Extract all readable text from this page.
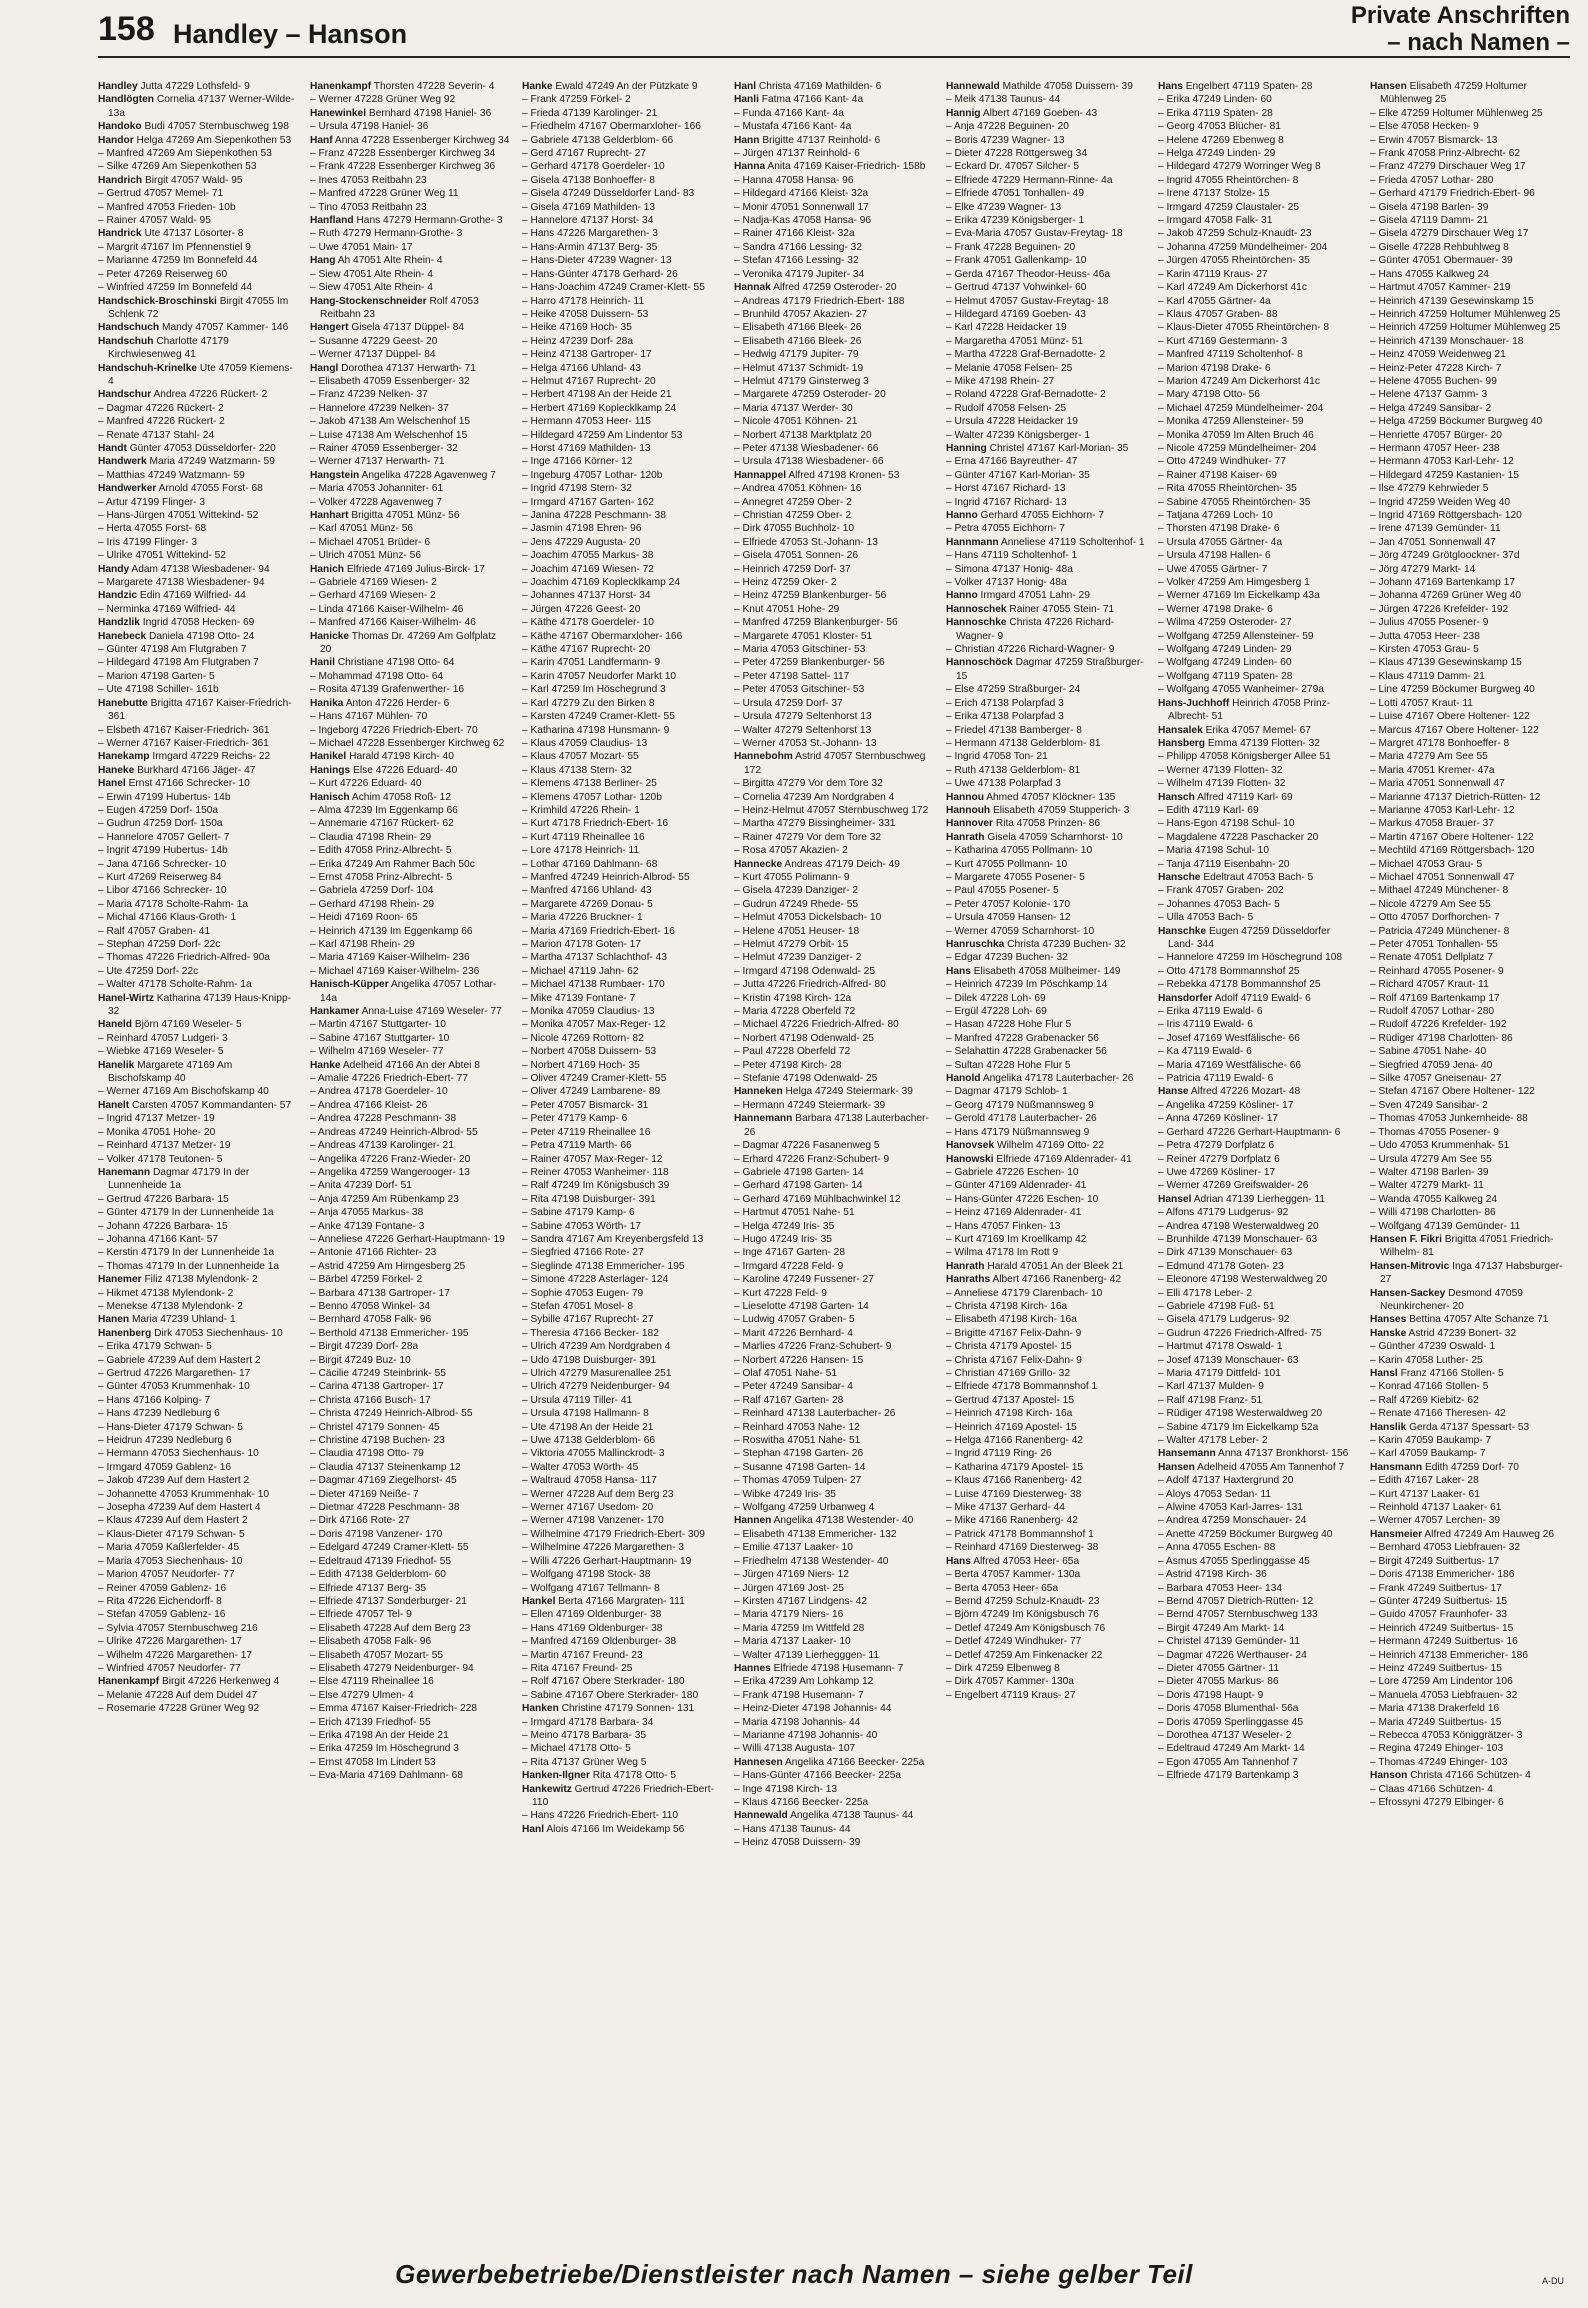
158 Handley – Hanson
Private Anschriften
– nach Namen –

Handley Jutta 47229 Lothsfeld- 9

Handlögten Cornelia 47137 Werner-Wilde- 13a

Handoko Budi 47057 Sternbuschweg 198

Handor Helga 47269 Am Siepenkothen 53

– Manfred 47269 Am Siepenkothen 53

– Silke 47269 Am Siepenkothen 53

Handrich Birgit 47057 Wald- 95

– Gertrud 47057 Memel- 71

– Manfred 47053 Frieden- 10b

– Rainer 47057 Wald- 95

Handrick Ute 47137 Lösorter- 8

– Margrit 47167 Im Pfennenstiel 9

– Marianne 47259 Im Bonnefeld 44

– Peter 47269 Reiserweg 60

– Winfried 47259 Im Bonnefeld 44

Handschick-Broschinski Birgit 47055 Im Schlenk 72

Handschuch Mandy 47057 Kammer- 146

Handschuh Charlotte 47179 Kirchwiesenweg 41

Handschuh-Krinelke Ute 47059 Kiemens- 4

Handschur Andrea 47226 Rückert- 2

– Dagmar 47226 Rückert- 2

– Manfred 47226 Rückert- 2

– Renate 47137 Stahl- 24

Handt Günter 47053 Düsseldorfer- 220

Handwerk Maria 47249 Watzmann- 59

– Matthias 47249 Watzmann- 59

Handwerker Arnold 47055 Forst- 68

– Artur 47199 Flinger- 3

– Hans-Jürgen 47051 Wittekind- 52

– Herta 47055 Forst- 68

– Iris 47199 Flinger- 3

– Ulrike 47051 Wittekind- 52

Handy Adam 47138 Wiesbadener- 94

– Margarete 47138 Wiesbadener- 94

Handzic Edin 47169 Wilfried- 44

– Nerminka 47169 Wilfried- 44

Handzlik Ingrid 47058 Hecken- 69

Hanebeck Daniela 47198 Otto- 24

– Günter 47198 Am Flutgraben 7

– Hildegard 47198 Am Flutgraben 7

– Marion 47198 Garten- 5

– Ute 47198 Schiller- 161b

Hanebutte Brigitta 47167 Kaiser-Friedrich- 361

– Elsbeth 47167 Kaiser-Friedrich- 361

– Werner 47167 Kaiser-Friedrich- 361

Hanekamp Irmgard 47229 Reichs- 22

Haneke Burkhard 47166 Jäger- 47

Hanel Ernst 47166 Schrecker- 10

– Erwin 47199 Hubertus- 14b

– Eugen 47259 Dorf- 150a

– Gudrun 47259 Dorf- 150a

– Hannelore 47057 Gellert- 7

– Ingrit 47199 Hubertus- 14b

– Jana 47166 Schrecker- 10

– Kurt 47269 Reiserweg 84

– Libor 47166 Schrecker- 10

– Maria 47178 Scholte-Rahm- 1a

– Michal 47166 Klaus-Groth- 1

– Ralf 47057 Graben- 41

– Stephan 47259 Dorf- 22c

– Thomas 47226 Friedrich-Alfred- 90a

– Ute 47259 Dorf- 22c

– Walter 47178 Scholte-Rahm- 1a

Hanel-Wirtz Katharina 47139 Haus-Knipp- 32

Haneld Björn 47169 Weseler- 5

– Reinhard 47057 Ludgeri- 3

– Wiebke 47169 Weseler- 5

Hanelik Margarete 47169 Am Bischofskamp 40

– Werner 47169 Am Bischofskamp 40

Hanelt Carsten 47057 Kommandanten- 57

– Ingrid 47137 Metzer- 19

– Monika 47051 Hohe- 20

– Reinhard 47137 Metzer- 19

– Volker 47178 Teutonen- 5

Hanemann Dagmar 47179 In der Lunnenheide 1a

– Gertrud 47226 Barbara- 15

– Günter 47179 In der Lunnenheide 1a

– Johann 47226 Barbara- 15

– Johanna 47166 Kant- 57

– Kerstin 47179 In der Lunnenheide 1a

– Thomas 47179 In der Lunnenheide 1a

Hanemer Filiz 47138 Mylendonk- 2

– Hikmet 47138 Mylendonk- 2

– Menekse 47138 Mylendonk- 2

Hanen Maria 47239 Uhland- 1

Hanenberg Dirk 47053 Siechenhaus- 10

– Erika 47179 Schwan- 5

– Gabriele 47239 Auf dem Hastert 2

– Gertrud 47226 Margarethen- 17

– Günter 47053 Krummenhak- 10

– Hans 47166 Kolping- 7

– Hans 47239 Nedleburg 6

– Hans-Dieter 47179 Schwan- 5

– Heidrun 47239 Nedleburg 6

– Hermann 47053 Siechenhaus- 10

– Irmgard 47059 Gablenz- 16

– Jakob 47239 Auf dem Hastert 2

– Johannette 47053 Krummenhak- 10

– Josepha 47239 Auf dem Hastert 4

– Klaus 47239 Auf dem Hastert 2

– Klaus-Dieter 47179 Schwan- 5

– Maria 47059 Kaßlerfelder- 45

– Maria 47053 Siechenhaus- 10

– Marion 47057 Neudorfer- 77

– Reiner 47059 Gablenz- 16

– Rita 47226 Eichendorff- 8

– Stefan 47059 Gablenz- 16

– Sylvia 47057 Sternbuschweg 216

– Ulrike 47226 Margarethen- 17

– Wilhelm 47226 Margarethen- 17

– Winfried 47057 Neudorfer- 77

Hanenkampf Birgit 47226 Herkenweg 4

– Melanie 47228 Auf dem Dudel 47

– Rosemarie 47228 Grüner Weg 92

Hanenkampf Thorsten 47228 Severin- 4

– Werner 47228 Grüner Weg 92

Hanewinkel Bernhard 47198 Haniel- 36

– Ursula 47198 Haniel- 36

Hanf Anna 47228 Essenberger Kirchweg 34

– Franz 47228 Essenberger Kirchweg 34

– Frank 47228 Essenberger Kirchweg 36

– Ines 47053 Reitbahn 23

– Manfred 47228 Grüner Weg 11

– Tino 47053 Reitbahn 23

Hanfland Hans 47279 Hermann-Grothe- 3

– Ruth 47279 Hermann-Grothe- 3

– Uwe 47051 Main- 17

Hang Ah 47051 Alte Rhein- 4

– Siew 47051 Alte Rhein- 4

– Siew 47051 Alte Rhein- 4

Hang-Stockenschneider Rolf 47053 Reitbahn 23

Hangert Gisela 47137 Düppel- 84

– Susanne 47229 Geest- 20

– Werner 47137 Düppel- 84

Hangl Dorothea 47137 Herwarth- 71

– Elisabeth 47059 Essenberger- 32

– Franz 47239 Nelken- 37

– Hannelore 47239 Nelken- 37

– Jakob 47138 Am Welschenhof 15

– Luise 47138 Am Welschenhof 15

– Rainer 47059 Essenberger- 32

– Werner 47137 Herwarth- 71

Hangstein Angelika 47228 Agavenweg 7

– Maria 47053 Johanniter- 61

– Volker 47228 Agavenweg 7

Hanhart Brigitta 47051 Münz- 56

– Karl 47051 Münz- 56

– Michael 47051 Brüder- 6

– Ulrich 47051 Münz- 56

Hanich Elfriede 47169 Julius-Birck- 17

– Gabriele 47169 Wiesen- 2

– Gerhard 47169 Wiesen- 2

– Linda 47166 Kaiser-Wilhelm- 46

– Manfred 47166 Kaiser-Wilhelm- 46

Hanicke Thomas Dr. 47269 Am Golfplatz 20

Hanil Christiane 47198 Otto- 64

– Mohammad 47198 Otto- 64

– Rosita 47139 Grafenwerther- 16

Hanika Anton 47226 Herder- 6

– Hans 47167 Mühlen- 70

– Ingeborg 47226 Friedrich-Ebert- 70

– Michael 47228 Essenberger Kirchweg 62

Hanikel Harald 47198 Kirch- 40

Hanings Else 47226 Eduard- 40

– Kurt 47226 Eduard- 40

Hanisch Achim 47058 Roß- 12

– Alma 47239 Im Eggenkamp 66

– Annemarie 47167 Rückert- 62

– Claudia 47198 Rhein- 29

– Edith 47058 Prinz-Albrecht- 5

– Erika 47249 Am Rahmer Bach 50c

– Ernst 47058 Prinz-Albrecht- 5

– Gabriela 47259 Dorf- 104

– Gerhard 47198 Rhein- 29

– Heidi 47169 Roon- 65

– Heinrich 47139 Im Eggenkamp 66

– Karl 47198 Rhein- 29

– Maria 47169 Kaiser-Wilhelm- 236

– Michael 47169 Kaiser-Wilhelm- 236

Hanisch-Küpper Angelika 47057 Lothar- 14a

Hankamer Anna-Luise 47169 Weseler- 77

– Martin 47167 Stuttgarter- 10

– Sabine 47167 Stuttgarter- 10

– Wilhelm 47169 Weseler- 77

Hanke Adelheid 47166 An der Abtei 8

– Amalie 47226 Friedrich-Ebert- 77

– Andrea 47178 Goerdeler- 10

– Andrea 47166 Kleist- 26

– Andrea 47228 Peschmann- 38

– Andreas 47249 Heinrich-Albrod- 55

– Andreas 47139 Karolinger- 21

– Angelika 47226 Franz-Wieder- 20

– Angelika 47259 Wangerooger- 13

– Anita 47239 Dorf- 51

– Anja 47259 Am Rübenkamp 23

– Anja 47055 Markus- 38

– Anke 47139 Fontane- 3

– Anneliese 47226 Gerhart-Hauptmann- 19

– Antonie 47166 Richter- 23

– Astrid 47259 Am Hirngesberg 25

– Bärbel 47259 Förkel- 2

– Barbara 47138 Gartroper- 17

– Benno 47058 Winkel- 34

– Bernhard 47058 Falk- 96

– Berthold 47138 Emmericher- 195

– Birgit 47239 Dorf- 28a

– Birgit 47249 Buz- 10

– Cäcilie 47249 Steinbrink- 55

– Carina 47138 Gartroper- 17

– Christa 47166 Busch- 17

– Christa 47249 Heinrich-Albrod- 55

– Christel 47179 Sonnen- 45

– Christine 47198 Buchen- 23

– Claudia 47198 Otto- 79

– Claudia 47137 Steinenkamp 12

– Dagmar 47169 Ziegelhorst- 45

– Dieter 47169 Neiße- 7

– Dietmar 47228 Peschmann- 38

– Dirk 47166 Rote- 27

– Doris 47198 Vanzener- 170

– Edelgard 47249 Cramer-Klett- 55

– Edeltraud 47139 Friedhof- 55

– Edith 47138 Gelderblom- 60

– Elfriede 47137 Berg- 35

– Elfriede 47137 Sonderburger- 21

– Elfriede 47057 Tel- 9

– Elisabeth 47228 Auf dem Berg 23

– Elisabeth 47058 Falk- 96

– Elisabeth 47057 Mozart- 55

– Elisabeth 47279 Neidenburger- 94

– Else 47119 Rheinallee 16

– Else 47279 Ulmen- 4

– Emma 47167 Kaiser-Friedrich- 228

– Erich 47139 Friedhof- 55

– Erika 47198 An der Heide 21

– Erika 47259 Im Höschegrund 3

– Ernst 47058 Im Lindert 53

– Eva-Maria 47169 Dahlmann- 68

Hanke Ewald 47249 An der Pützkate 9

– Frank 47259 Förkel- 2

– Frieda 47139 Karolinger- 21

– Friedhelm 47167 Obermarxloher- 166

– Gabriele 47138 Gelderblom- 66

– Gerd 47167 Ruprecht- 27

– Gerhard 47178 Goerdeler- 10

– Gisela 47138 Bonhoeffer- 8

– Gisela 47249 Düsseldorfer Land- 83

– Gisela 47169 Mathilden- 13

– Hannelore 47137 Horst- 34

– Hans 47226 Margarethen- 3

– Hans-Armin 47137 Berg- 35

– Hans-Dieter 47239 Wagner- 13

– Hans-Günter 47178 Gerhard- 26

– Hans-Joachim 47249 Cramer-Klett- 55

– Harro 47178 Heinrich- 11

– Heike 47058 Duissern- 53

– Heike 47169 Hoch- 35

– Heinz 47239 Dorf- 28a

– Heinz 47138 Gartroper- 17

– Helga 47166 Uhland- 43

– Helmut 47167 Ruprecht- 20

– Herbert 47198 An der Heide 21

– Herbert 47169 Koplecklkamp 24

– Hermann 47053 Heer- 115

– Hildegard 47259 Am Lindentor 53

– Horst 47169 Mathilden- 13

– Inge 47166 Körner- 12

– Ingeburg 47057 Lothar- 120b

– Ingrid 47198 Stern- 32

– Irmgard 47167 Garten- 162

– Janina 47228 Peschmann- 38

– Jasmin 47198 Ehren- 96

– Jens 47229 Augusta- 20

– Joachim 47055 Markus- 38

– Joachim 47169 Wiesen- 72

– Joachim 47169 Koplecklkamp 24

– Johannes 47137 Horst- 34

– Jürgen 47226 Geest- 20

– Käthe 47178 Goerdeler- 10

– Käthe 47167 Obermarxloher- 166

– Käthe 47167 Ruprecht- 20

– Karin 47051 Landfermann- 9

– Karin 47057 Neudorfer Markt 10

– Karl 47259 Im Höschegrund 3

– Karl 47279 Zu den Birken 8

– Karsten 47249 Cramer-Klett- 55

– Katharina 47198 Hunsmann- 9

– Klaus 47059 Claudius- 13

– Klaus 47057 Mozart- 55

– Klaus 47138 Stern- 32

– Klemens 47138 Berliner- 25

– Klemens 47057 Lothar- 120b

– Krimhild 47226 Rhein- 1

– Kurt 47178 Friedrich-Ebert- 16

– Kurt 47119 Rheinallee 16

– Lore 47178 Heinrich- 11

– Lothar 47169 Dahlmann- 68

– Manfred 47249 Heinrich-Albrod- 55

– Manfred 47166 Uhland- 43

– Margarete 47269 Donau- 5

– Maria 47226 Bruckner- 1

– Maria 47169 Friedrich-Ebert- 16

– Marion 47178 Goten- 17

– Martha 47137 Schlachthof- 43

– Michael 47119 Jahn- 62

– Michael 47138 Rumbaer- 170

– Mike 47139 Fontane- 7

– Monika 47059 Claudius- 13

– Monika 47057 Max-Reger- 12

– Nicole 47269 Rottorn- 82

– Norbert 47058 Duissern- 53

– Norbert 47169 Hoch- 35

– Oliver 47249 Cramer-Klett- 55

– Oliver 47249 Lambarene- 89

– Peter 47057 Bismarck- 31

– Peter 47179 Kamp- 6

– Peter 47119 Rheinallee 16

– Petra 47119 Marth- 66

– Rainer 47057 Max-Reger- 12

– Reiner 47053 Wanheimer- 118

– Ralf 47249 Im Königsbusch 39

– Rita 47198 Duisburger- 391

– Sabine 47179 Kamp- 6

– Sabine 47053 Wörth- 17

– Sandra 47167 Am Kreyenbergsfeld 13

– Siegfried 47166 Rote- 27

– Sieglinde 47138 Emmericher- 195

– Simone 47228 Asterlager- 124

– Sophie 47053 Eugen- 79

– Stefan 47051 Mosel- 8

– Sybille 47167 Ruprecht- 27

– Theresia 47166 Becker- 182

– Ulrich 47239 Am Nordgraben 4

– Udo 47198 Duisburger- 391

– Ulrich 47279 Masurenallee 251

– Ulrich 47279 Neidenburger- 94

– Ursula 47119 Tiller- 41

– Ursula 47198 Hallmann- 8

– Ute 47198 An der Heide 21

– Uwe 47138 Gelderblom- 66

– Viktoria 47055 Mallinckrodt- 3

– Walter 47053 Wörth- 45

– Waltraud 47058 Hansa- 117

– Werner 47228 Auf dem Berg 23

– Werner 47167 Usedom- 20

– Werner 47198 Vanzener- 170

– Wilhelmine 47179 Friedrich-Ebert- 309

– Wilhelmine 47226 Margarethen- 3

– Willi 47226 Gerhart-Hauptmann- 19

– Wolfgang 47198 Stock- 38

– Wolfgang 47167 Tellmann- 8

Hankel Berta 47166 Margraten- 111

– Ellen 47169 Oldenburger- 38

– Hans 47169 Oldenburger- 38

– Manfred 47169 Oldenburger- 38

– Martin 47167 Freund- 23

– Rita 47167 Freund- 25

– Rolf 47167 Obere Sterkrader- 180

– Sabine 47167 Obere Sterkrader- 180

Hanken Christine 47179 Sonnen- 131

– Irmgard 47178 Barbara- 34

– Meino 47178 Barbara- 35

– Michael 47178 Otto- 5

– Rita 47137 Grüner Weg 5

Hanken-Ilgner Rita 47178 Otto- 5

Hankewitz Gertrud 47226 Friedrich-Ebert- 110

– Hans 47226 Friedrich-Ebert- 110

Hanl Alois 47166 Im Weidekamp 56

Hanl Christa 47169 Mathilden- 6

Hanli Fatma 47166 Kant- 4a

– Funda 47166 Kant- 4a

– Mustafa 47166 Kant- 4a

Hann Brigitte 47137 Reinhold- 6

– Jürgen 47137 Reinhold- 6

Hanna Anita 47169 Kaiser-Friedrich- 158b

– Hanna 47058 Hansa- 96

– Hildegard 47166 Kleist- 32a

– Monir 47051 Sonnenwall 17

– Nadja-Kas 47058 Hansa- 96

– Rainer 47166 Kleist- 32a

– Sandra 47166 Lessing- 32

– Stefan 47166 Lessing- 32

– Veronika 47179 Jupiter- 34

Hannak Alfred 47259 Osteroder- 20

– Andreas 47179 Friedrich-Ebert- 188

– Brunhild 47057 Akazien- 27

– Elisabeth 47166 Bleek- 26

– Elisabeth 47166 Bleek- 26

– Hedwig 47179 Jupiter- 79

– Helmut 47137 Schmidt- 19

– Helmut 47179 Ginsterweg 3

– Margarete 47259 Osteroder- 20

– Maria 47137 Werder- 30

– Nicole 47051 Köhnen- 21

– Norbert 47138 Marktplatz 20

– Peter 47138 Wiesbadener- 66

– Ursula 47138 Wiesbadener- 66

Hannappel Alfred 47198 Kronen- 53

– Andrea 47051 Köhnen- 16

– Annegret 47259 Ober- 2

– Christian 47259 Ober- 2

– Dirk 47055 Buchholz- 10

– Elfriede 47053 St.-Johann- 13

– Gisela 47051 Sonnen- 26

– Heinrich 47259 Dorf- 37

– Heinz 47259 Oker- 2

– Heinz 47259 Blankenburger- 56

– Knut 47051 Hohe- 29

– Manfred 47259 Blankenburger- 56

– Margarete 47051 Kloster- 51

– Maria 47053 Gitschiner- 53

– Peter 47259 Blankenburger- 56

– Peter 47198 Sattel- 117

– Peter 47053 Gitschiner- 53

– Ursula 47259 Dorf- 37

– Ursula 47279 Seltenhorst 13

– Walter 47279 Seltenhorst 13

– Werner 47053 St.-Johann- 13

Hannebohm Astrid 47057 Sternbuschweg 172

– Birgitta 47279 Vor dem Tore 32

– Cornelia 47239 Am Nordgraben 4

– Heinz-Helmut 47057 Sternbuschweg 172

– Martha 47279 Bissingheimer- 331

– Rainer 47279 Vor dem Tore 32

– Rosa 47057 Akazien- 2

Hannecke Andreas 47179 Deich- 49

– Kurt 47055 Polimann- 9

– Gisela 47239 Danziger- 2

– Gudrun 47249 Rhede- 55

– Helmut 47053 Dickelsbach- 10

– Helene 47051 Heuser- 18

– Helmut 47279 Orbit- 15

– Helmut 47239 Danziger- 2

– Irmgard 47198 Odenwald- 25

– Jutta 47226 Friedrich-Alfred- 80

– Kristin 47198 Kirch- 12a

– Maria 47228 Oberfeld 72

– Michael 47226 Friedrich-Alfred- 80

– Norbert 47198 Odenwald- 25

– Paul 47228 Oberfeld 72

– Peter 47198 Kirch- 28

– Stefanie 47198 Odenwald- 25

Hanneken Helga 47249 Steiermark- 39

– Hermann 47249 Steiermark- 39

Hannemann Barbara 47138 Lauterbacher- 26

– Dagmar 47226 Fasanenweg 5

– Erhard 47226 Franz-Schubert- 9

– Gabriele 47198 Garten- 14

– Gerhard 47198 Garten- 14

– Gerhard 47169 Mühlbachwinkel 12

– Hartmut 47051 Nahe- 51

– Helga 47249 Iris- 35

– Hugo 47249 Iris- 35

– Inge 47167 Garten- 28

– Irmgard 47228 Feld- 9

– Karoline 47249 Fussener- 27

– Kurt 47228 Feld- 9

– Lieselotte 47198 Garten- 14

– Ludwig 47057 Graben- 5

– Marit 47226 Bernhard- 4

– Marlies 47226 Franz-Schubert- 9

– Norbert 47226 Hansen- 15

– Olaf 47051 Nahe- 51

– Peter 47249 Sansibar- 4

– Ralf 47167 Garten- 28

– Reinhard 47138 Lauterbacher- 26

– Reinhard 47053 Nahe- 12

– Roswitha 47051 Nahe- 51

– Stephan 47198 Garten- 26

– Susanne 47198 Garten- 14

– Thomas 47059 Tulpen- 27

– Wibke 47249 Iris- 35

– Wolfgang 47259 Urbanweg 4

Hannen Angelika 47138 Westender- 40

– Elisabeth 47138 Emmericher- 132

– Emilie 47137 Laaker- 10

– Friedhelm 47138 Westender- 40

– Jürgen 47169 Niers- 12

– Jürgen 47169 Jost- 25

– Kirsten 47167 Lindgens- 42

– Maria 47179 Niers- 16

– Maria 47259 Im Wittfeld 28

– Maria 47137 Laaker- 10

– Walter 47139 Lierhegggen- 11

Hannes Elfriede 47198 Husemann- 7

– Erika 47239 Am Lohkamp 12

– Frank 47198 Husemann- 7

– Heinz-Dieter 47198 Johannis- 44

– Maria 47198 Johannis- 44

– Marianne 47198 Johannis- 40

– Willi 47138 Augusta- 107

Hannesen Angelika 47166 Beecker- 225a

– Hans-Günter 47166 Beecker- 225a

– Inge 47198 Kirch- 13

– Klaus 47166 Beecker- 225a

Hannewald Angelika 47138 Taunus- 44

– Hans 47138 Taunus- 44

– Heinz 47058 Duissern- 39

Hannewald Mathilde 47058 Duissern- 39

– Meik 47138 Taunus- 44

Hannig Albert 47169 Goeben- 43

– Anja 47228 Beguinen- 20

– Boris 47239 Wagner- 13

– Dieter 47228 Röttgersweg 34

– Eckard Dr. 47057 Silcher- 5

– Elfriede 47229 Hermann-Rinne- 4a

– Elfriede 47051 Tonhallen- 49

– Elke 47239 Wagner- 13

– Erika 47239 Königsberger- 1

– Eva-Maria 47057 Gustav-Freytag- 18

– Frank 47228 Beguinen- 20

– Frank 47051 Gallenkamp- 10

– Gerda 47167 Theodor-Heuss- 46a

– Gertrud 47137 Vohwinkel- 60

– Helmut 47057 Gustav-Freytag- 18

– Hildegard 47169 Goeben- 43

– Karl 47228 Heidacker 19

– Margaretha 47051 Münz- 51

– Martha 47228 Graf-Bernadotte- 2

– Melanie 47058 Felsen- 25

– Mike 47198 Rhein- 27

– Roland 47228 Graf-Bernadotte- 2

– Rudolf 47058 Felsen- 25

– Ursula 47228 Heidacker 19

– Walter 47239 Königsberger- 1

Hanning Christel 47167 Karl-Morian- 35

– Erna 47166 Bayreuther- 47

– Günter 47167 Karl-Morian- 35

– Horst 47167 Richard- 13

– Ingrid 47167 Richard- 13

Hanno Gerhard 47055 Eichhorn- 7

– Petra 47055 Eichhorn- 7

Hannmann Anneliese 47119 Scholtenhof- 1

– Hans 47119 Scholtenhof- 1

– Simona 47137 Honig- 48a

– Volker 47137 Honig- 48a

Hanno Irmgard 47051 Lahn- 29

Hannoschek Rainer 47055 Stein- 71

Hannoschke Christa 47226 Richard-Wagner- 9

– Christian 47226 Richard-Wagner- 9

Hannoschöck Dagmar 47259 Straßburger- 15

– Else 47259 Straßburger- 24

– Erich 47138 Polarpfad 3

– Erika 47138 Polarpfad 3

– Friedel 47138 Bamberger- 8

– Hermann 47138 Gelderblom- 81

– Ingrid 47058 Ton- 21

– Ruth 47138 Gelderblom- 81

– Uwe 47138 Polarpfad 3

Hannou Ahmed 47057 Klöckner- 135

Hannouh Elisabeth 47059 Stupperich- 3

Hannover Rita 47058 Prinzen- 86

Hanrath Gisela 47059 Scharnhorst- 10

– Katharina 47055 Pollmann- 10

– Kurt 47055 Pollmann- 10

– Margarete 47055 Posener- 5

– Paul 47055 Posener- 5

– Peter 47057 Kolonie- 170

– Ursula 47059 Hansen- 12

– Werner 47059 Scharnhorst- 10

Hanruschka Christa 47239 Buchen- 32

– Edgar 47239 Buchen- 32

Hans Elisabeth 47058 Mülheimer- 149

– Heinrich 47239 Im Pöschkamp 14

– Dilek 47228 Loh- 69

– Ergül 47228 Loh- 69

– Hasan 47228 Hohe Flur 5

– Manfred 47228 Grabenacker 56

– Selahattin 47228 Grabenacker 56

– Sultan 47228 Hohe Flur 5

Hanold Angelika 47178 Lauterbacher- 26

– Dagmar 47179 Schlob- 1

– Georg 47179 Nüßmannsweg 9

– Gerold 47178 Lauterbacher- 26

– Hans 47179 Nüßmannsweg 9

Hanovsek Wilhelm 47169 Otto- 22

Hanowski Elfriede 47169 Aldenrader- 41

– Gabriele 47226 Eschen- 10

– Günter 47169 Aldenrader- 41

– Hans-Günter 47226 Eschen- 10

– Heinz 47169 Aldenrader- 41

– Hans 47057 Finken- 13

– Kurt 47169 Im Kroellkamp 42

– Wilma 47178 Im Rott 9

Hanrath Harald 47051 An der Bleek 21

Hanraths Albert 47166 Ranenberg- 42

– Anneliese 47179 Clarenbach- 10

– Christa 47198 Kirch- 16a

– Elisabeth 47198 Kirch- 16a

– Brigitte 47167 Felix-Dahn- 9

– Christa 47179 Apostel- 15

– Christa 47167 Felix-Dahn- 9

– Christian 47169 Grillo- 32

– Elfriede 47178 Bommannshof 1

– Gertrud 47137 Apostel- 15

– Heinrich 47198 Kirch- 16a

– Heinrich 47169 Apostel- 15

– Helga 47166 Ranenberg- 42

– Ingrid 47119 Ring- 26

– Katharina 47179 Apostel- 15

– Klaus 47166 Ranenberg- 42

– Luise 47169 Diesterweg- 38

– Mike 47137 Gerhard- 44

– Mike 47166 Ranenberg- 42

– Patrick 47178 Bommannshof 1

– Reinhard 47169 Diesterweg- 38

Hans Alfred 47053 Heer- 65a

– Berta 47057 Kammer- 130a

– Berta 47053 Heer- 65a

– Bernd 47259 Schulz-Knaudt- 23

– Björn 47249 Im Königsbusch 76

– Detlef 47249 Am Königsbusch 76

– Detlef 47249 Windhuker- 77

– Detlef 47259 Am Finkenacker 22

– Dirk 47259 Elbenweg 8

– Dirk 47057 Kammer- 130a

– Engelbert 47119 Kraus- 27

Hans Engelbert 47119 Spaten- 28

– Erika 47249 Linden- 60

– Erika 47119 Spaten- 28

– Georg 47053 Blücher- 81

– Helene 47269 Ebenweg 8

– Helga 47249 Linden- 29

– Hildegard 47279 Worringer Weg 8

– Ingrid 47055 Rheintörchen- 8

– Irene 47137 Stolze- 15

– Irmgard 47259 Claustaler- 25

– Irmgard 47058 Falk- 31

– Jakob 47259 Schulz-Knaudt- 23

– Johanna 47259 Mündelheimer- 204

– Jürgen 47055 Rheintörchen- 35

– Karin 47119 Kraus- 27

– Karl 47249 Am Dickerhorst 41c

– Karl 47055 Gärtner- 4a

– Klaus 47057 Graben- 88

– Klaus-Dieter 47055 Rheintörchen- 8

– Kurt 47169 Gestermann- 3

– Manfred 47119 Scholtenhof- 8

– Marion 47198 Drake- 6

– Marion 47249 Am Dickerhorst 41c

– Mary 47198 Otto- 56

– Michael 47259 Mündelheimer- 204

– Monika 47259 Allensteiner- 59

– Monika 47059 Im Alten Bruch 46

– Nicole 47259 Mündelheimer- 204

– Otto 47249 Windhuker- 77

– Rainer 47198 Kaiser- 69

– Rita 47055 Rheintörchen- 35

– Sabine 47055 Rheintörchen- 35

– Tatjana 47269 Loch- 10

– Thorsten 47198 Drake- 6

– Ursula 47055 Gärtner- 4a

– Ursula 47198 Hallen- 6

– Uwe 47055 Gärtner- 7

– Volker 47259 Am Himgesberg 1

– Werner 47169 Im Eickelkamp 43a

– Werner 47198 Drake- 6

– Wilma 47259 Osteroder- 27

– Wolfgang 47259 Allensteiner- 59

– Wolfgang 47249 Linden- 29

– Wolfgang 47249 Linden- 60

– Wolfgang 47119 Spaten- 28

– Wolfgang 47055 Wanheimer- 279a

Hans-Juchhoff Heinrich 47058 Prinz-Albrecht- 51

Hansalek Erika 47057 Memel- 67

Hansberg Emma 47139 Flotten- 32

– Philipp 47058 Königsberger Allee 51

– Werner 47139 Flotten- 32

– Wilhelm 47139 Flotten- 32

Hansch Alfred 47119 Karl- 69

– Edith 47119 Karl- 69

– Hans-Egon 47198 Schul- 10

– Magdalene 47228 Paschacker 20

– Maria 47198 Schul- 10

– Tanja 47119 Eisenbahn- 20

Hansche Edeltraut 47053 Bach- 5

– Frank 47057 Graben- 202

– Johannes 47053 Bach- 5

– Ulla 47053 Bach- 5

Hanschke Eugen 47259 Düsseldorfer Land- 344

– Hannelore 47259 Im Höschegrund 108

– Otto 47178 Bommannshof 25

– Rebekka 47178 Bommannshof 25

Hansdorfer Adolf 47119 Ewald- 6

– Erika 47119 Ewald- 6

– Iris 47119 Ewald- 6

– Josef 47169 Westfälische- 66

– Ka 47119 Ewald- 6

– Maria 47169 Westfälische- 66

– Patricia 47119 Ewald- 6

Hanse Alfred 47226 Mozart- 48

– Angelika 47259 Kösliner- 17

– Anna 47269 Kösliner- 17

– Gerhard 47226 Gerhart-Hauptmann- 6

– Petra 47279 Dorfplatz 6

– Reiner 47279 Dorfplatz 6

– Uwe 47269 Kösliner- 17

– Werner 47269 Greifswalder- 26

Hansel Adrian 47139 Lierheggen- 11

– Alfons 47179 Ludgerus- 92

– Andrea 47198 Westerwaldweg 20

– Brunhilde 47139 Monschauer- 63

– Dirk 47139 Monschauer- 63

– Edmund 47178 Goten- 23

– Eleonore 47198 Westerwaldweg 20

– Elli 47178 Leber- 2

– Gabriele 47198 Fuß- 51

– Gisela 47179 Ludgerus- 92

– Gudrun 47226 Friedrich-Alfred- 75

– Hartmut 47178 Oswald- 1

– Josef 47139 Monschauer- 63

– Maria 47179 Dittfeld- 101

– Karl 47137 Mulden- 9

– Ralf 47198 Franz- 51

– Rüdiger 47198 Westerwaldweg 20

– Sabine 47179 Im Eickelkamp 52a

– Walter 47178 Leber- 2

Hansemann Anna 47137 Bronkhorst- 156

Hansen Adelheid 47055 Am Tannenhof 7

– Adolf 47137 Haxtergrund 20

– Aloys 47053 Sedan- 11

– Alwine 47053 Karl-Jarres- 131

– Andrea 47259 Monschauer- 24

– Anette 47259 Böckumer Burgweg 40

– Anna 47055 Eschen- 88

– Asmus 47055 Sperlinggasse 45

– Astrid 47198 Kirch- 36

– Barbara 47053 Heer- 134

– Bernd 47057 Dietrich-Rütten- 12

– Bernd 47057 Sternbuschweg 133

– Birgit 47249 Am Markt- 14

– Christel 47139 Gemünder- 11

– Dagmar 47226 Werthauser- 24

– Dieter 47055 Gärtner- 11

– Dieter 47055 Markus- 86

– Doris 47198 Haupt- 9

– Doris 47058 Blumenthal- 56a

– Doris 47059 Sperlinggasse 45

– Dorothea 47137 Weseler- 2

– Edeltraud 47249 Am Markt- 14

– Egon 47055 Am Tannenhof 7

– Elfriede 47179 Bartenkamp 3

Hansen Elisabeth 47259 Holtumer Mühlenweg 25

– Elke 47259 Holtumer Mühlenweg 25

– Else 47058 Hecken- 9

– Erwin 47057 Bismarck- 13

– Frank 47058 Prinz-Albrecht- 62

– Franz 47279 Dirschauer Weg 17

– Frieda 47057 Lothar- 280

– Gerhard 47179 Friedrich-Ebert- 96

– Gisela 47198 Barlen- 39

– Gisela 47119 Damm- 21

– Gisela 47279 Dirschauer Weg 17

– Giselle 47228 Rehbuhlweg 8

– Günter 47051 Obermauer- 39

– Hans 47055 Kalkweg 24

– Hartmut 47057 Kammer- 219

– Heinrich 47139 Gesewinskamp 15

– Heinrich 47259 Holtumer Mühlenweg 25

– Heinrich 47259 Holtumer Mühlenweg 25

– Heinrich 47139 Monschauer- 18

– Heinz 47059 Weidenweg 21

– Heinz-Peter 47228 Kirch- 7

– Helene 47055 Buchen- 99

– Helene 47137 Gamm- 3

– Helga 47249 Sansibar- 2

– Helga 47259 Böckumer Burgweg 40

– Henriette 47057 Bürger- 20

– Hermann 47057 Heer- 238

– Hermann 47053 Karl-Lehr- 12

– Hildegard 47259 Kastanien- 15

– Ilse 47279 Kehrwieder 5

– Ingrid 47259 Weiden Weg 40

– Ingrid 47169 Röttgersbach- 120

– Irene 47139 Gemünder- 11

– Jan 47051 Sonnenwall 47

– Jörg 47249 Grötgloockner- 37d

– Jörg 47279 Markt- 14

– Johann 47169 Bartenkamp 17

– Johanna 47269 Grüner Weg 40

– Jürgen 47226 Krefelder- 192

– Julius 47055 Posener- 9

– Jutta 47053 Heer- 238

– Kirsten 47053 Grau- 5

– Klaus 47139 Gesewinskamp 15

– Klaus 47119 Damm- 21

– Line 47259 Böckumer Burgweg 40

– Lotti 47057 Kraut- 11

– Luise 47167 Obere Holtener- 122

– Marcus 47167 Obere Holtener- 122

– Margret 47178 Bonhoeffer- 8

– Maria 47279 Am See 55

– Maria 47051 Kremer- 47a

– Maria 47051 Sonnenwall 47

– Marianne 47137 Dietrich-Rütten- 12

– Marianne 47053 Karl-Lehr- 12

– Markus 47058 Brauer- 37

– Martin 47167 Obere Holtener- 122

– Mechtild 47169 Röttgersbach- 120

– Michael 47053 Grau- 5

– Michael 47051 Sonnenwall 47

– Mithael 47249 Münchener- 8

– Nicole 47279 Am See 55

– Otto 47057 Dorfhorchen- 7

– Patricia 47249 Münchener- 8

– Peter 47051 Tonhallen- 55

– Renate 47051 Dellplatz 7

– Reinhard 47055 Posener- 9

– Richard 47057 Kraut- 11

– Rolf 47169 Bartenkamp 17

– Rudolf 47057 Lothar- 280

– Rudolf 47226 Krefelder- 192

– Rüdiger 47198 Charlotten- 86

– Sabine 47051 Nahe- 40

– Siegfried 47059 Jena- 40

– Silke 47057 Gneisenau- 27

– Stefan 47167 Obere Holtener- 122

– Sven 47249 Sansibar- 2

– Thomas 47053 Junkernheide- 88

– Thomas 47055 Posener- 9

– Udo 47053 Krummenhak- 51

– Ursula 47279 Am See 55

– Walter 47198 Barlen- 39

– Walter 47279 Markt- 11

– Wanda 47055 Kalkweg 24

– Willi 47198 Charlotten- 86

– Wolfgang 47139 Gemünder- 11

Hansen F. Fikri Brigitta 47051 Friedrich-Wilhelm- 81

Hansen-Mitrovic Inga 47137 Habsburger- 27

Hansen-Sackey Desmond 47059 Neunkirchener- 20

Hanses Bettina 47057 Alte Schanze 71

Hanske Astrid 47239 Bonert- 32

– Günther 47239 Oswald- 1

– Karin 47058 Luther- 25

Hansl Franz 47166 Stollen- 5

– Konrad 47166 Stollen- 5

– Ralf 47269 Kiebitz- 62

– Renate 47166 Theresen- 42

Hanslik Gerda 47137 Spessart- 53

– Karin 47059 Baukamp- 7

– Karl 47059 Baukamp- 7

Hansmann Edith 47259 Dorf- 70

– Edith 47167 Laker- 28

– Kurt 47137 Laaker- 61

– Reinhold 47137 Laaker- 61

– Werner 47057 Lerchen- 39

Hansmeier Alfred 47249 Am Hauweg 26

– Bernhard 47053 Liebfrauen- 32

– Birgit 47249 Suitbertus- 17

– Doris 47138 Emmericher- 186

– Frank 47249 Suitbertus- 17

– Günter 47249 Suitbertus- 15

– Guido 47057 Fraunhofer- 33

– Heinrich 47249 Suitbertus- 15

– Hermann 47249 Suitbertus- 16

– Heinrich 47138 Emmericher- 186

– Heinz 47249 Suitbertus- 15

– Lore 47259 Am Lindentor 106

– Manuela 47053 Liebfrauen- 32

– Maria 47138 Drakerfeld 16

– Maria 47249 Suitbertus- 15

– Rebecca 47053 Königgrätzer- 3

– Regina 47249 Ehinger- 103

– Thomas 47249 Ehinger- 103

Hanson Christa 47166 Schützen- 4

– Claas 47166 Schützen- 4

– Efrossyni 47279 Elbinger- 6

Gewerbebetriebe/Dienstleister nach Namen – siehe gelber Teil	A-DU
